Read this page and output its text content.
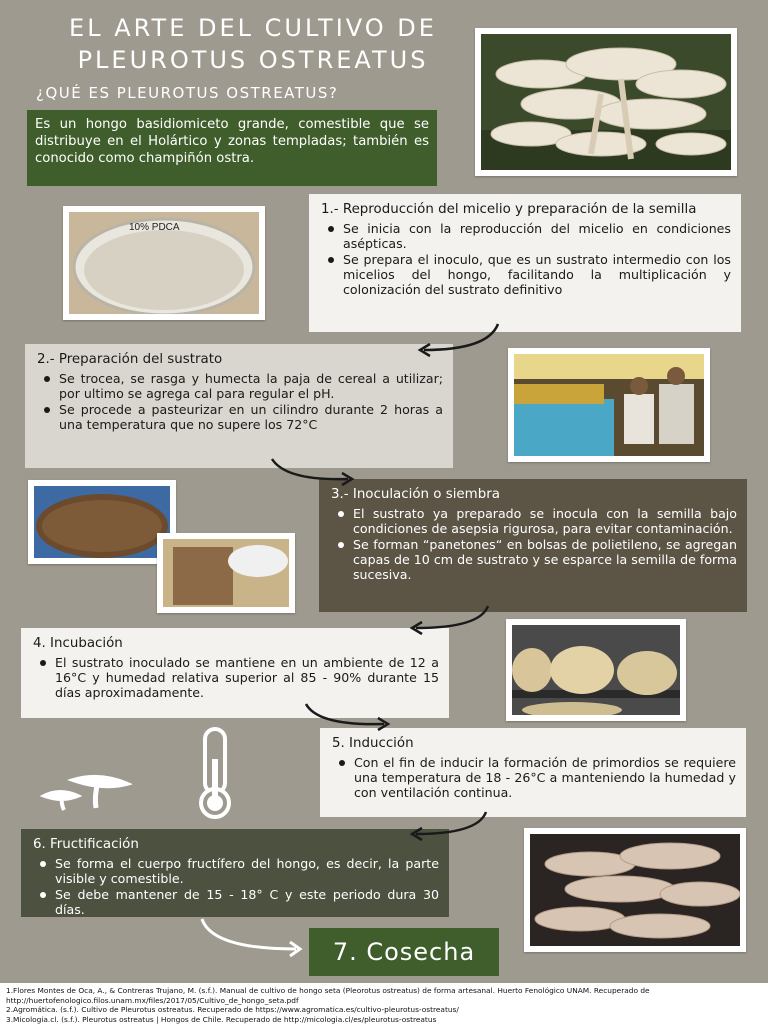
EL ARTE DEL CULTIVO DE PLEUROTUS OSTREATUS
¿QUÉ ES PLEUROTUS OSTREATUS?
Es un hongo basidiomiceto grande, comestible que se distribuye en el Holártico y zonas templadas; también es conocido como champiñón ostra.
10% PDCA
1.- Reproducción del micelio y preparación de la semilla
Se inicia con la reproducción del micelio en condiciones asépticas.
Se prepara el inoculo, que es un sustrato intermedio con los micelios del hongo, facilitando la multiplicación y colonización del sustrato definitivo
2.- Preparación del sustrato
Se trocea, se rasga y humecta la paja de cereal a utilizar; por ultimo se agrega cal para regular el pH.
Se procede a pasteurizar en un cilindro durante 2 horas a una temperatura que no supere los 72°C
3.- Inoculación o siembra
El sustrato ya preparado se inocula con la semilla bajo condiciones de asepsia rigurosa, para evitar contaminación.
Se forman “panetones“ en bolsas de polietileno, se agregan capas de 10 cm de sustrato y se esparce la semilla de forma sucesiva.
4. Incubación
El sustrato inoculado se mantiene en un ambiente de 12 a 16°C y humedad relativa superior al 85 - 90% durante 15 días aproximadamente.
5. Inducción
Con el fin de inducir la formación de primordios se requiere una temperatura de 18 - 26°C a manteniendo la humedad y con ventilación continua.
6. Fructificación
Se forma el cuerpo fructífero del hongo, es decir, la parte visible y comestible.
Se debe mantener de 15 - 18° C y este periodo dura 30 días.
7. Cosecha
1.Flores Montes de Oca, A., & Contreras Trujano, M. (s.f.). Manual de cultivo de hongo seta (Pleorotus ostreatus) de forma artesanal. Huerto Fenológico UNAM. Recuperado de http://huertofenologico.filos.unam.mx/files/2017/05/Cultivo_de_hongo_seta.pdf
2.Agromática. (s.f.). Cultivo de Pleurotus ostreatus. Recuperado de https://www.agromatica.es/cultivo-pleurotus-ostreatus/
3.Micologia.cl. (s.f.). Pleurotus ostreatus | Hongos de Chile. Recuperado de http://micologia.cl/es/pleurotus-ostreatus
